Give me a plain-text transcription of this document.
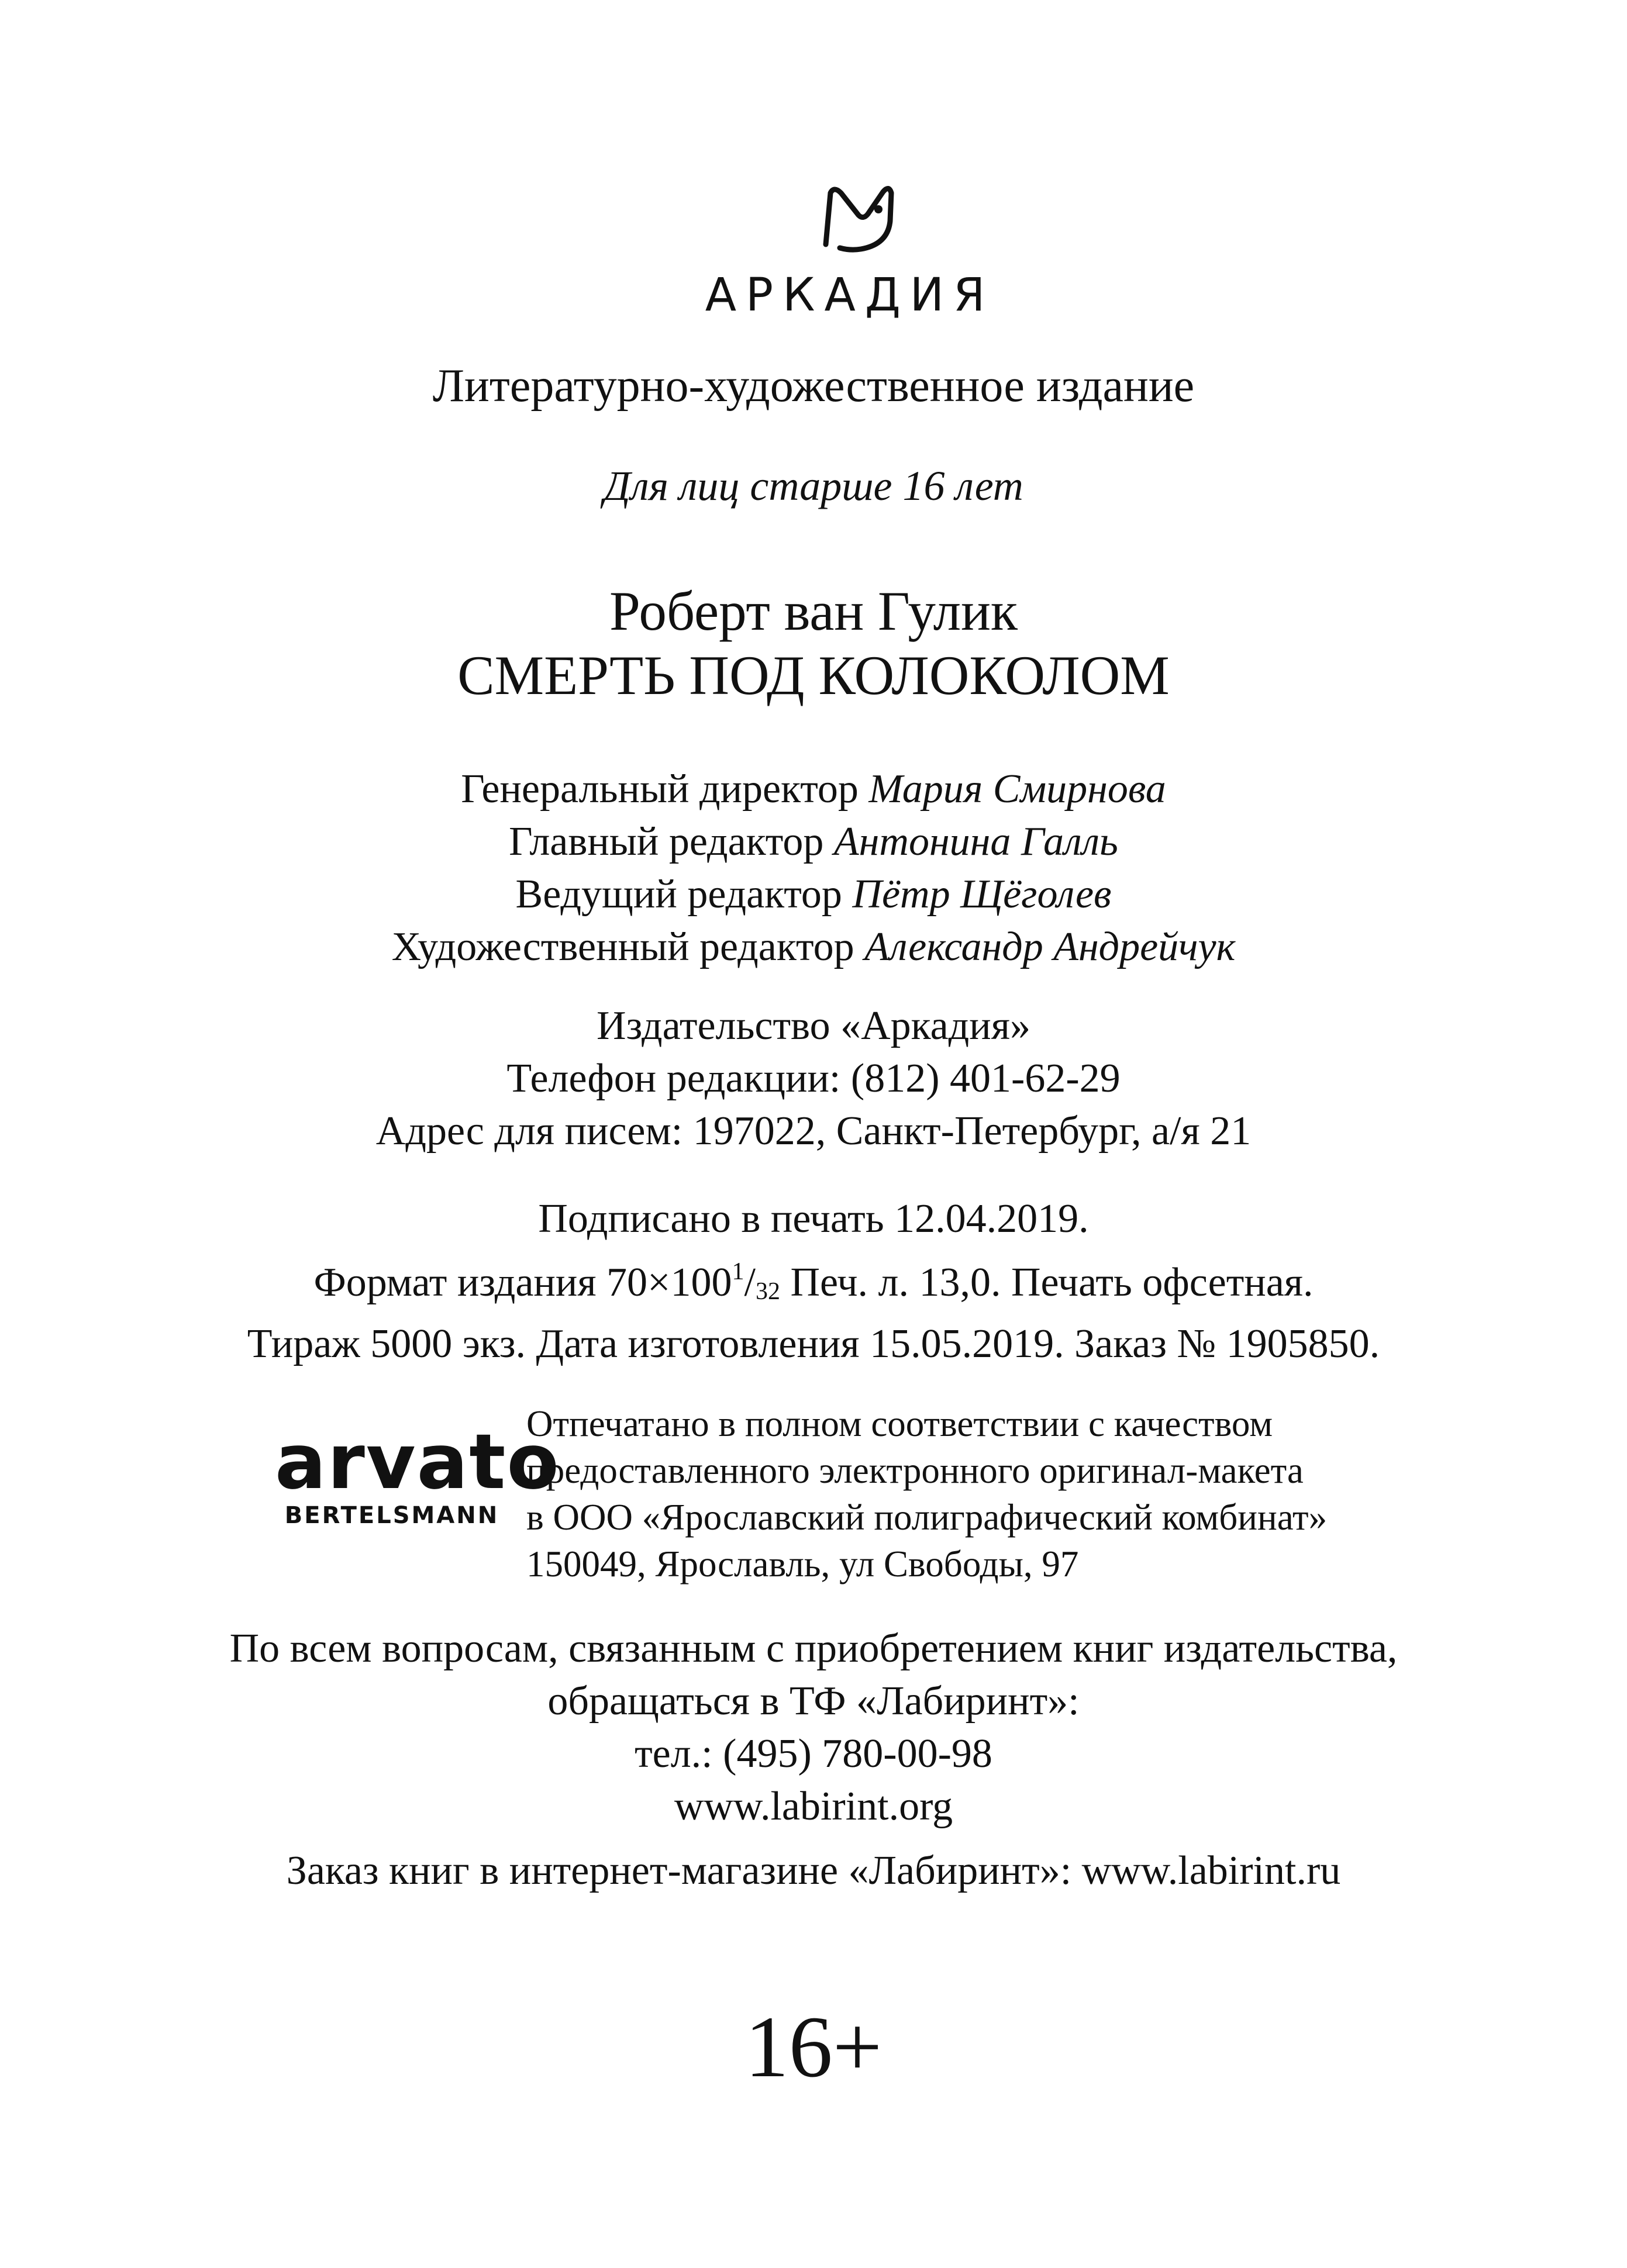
АРКАДИЯ
Литературно-художественное издание
Для лиц старше 16 лет
Роберт ван Гулик
СМЕРТЬ ПОД КОЛОКОЛОМ
Генеральный директор Мария Смирнова
Главный редактор Антонина Галль
Ведущий редактор Пётр Щёголев
Художественный редактор Александр Андрейчук
Издательство «Аркадия»
Телефон редакции: (812) 401-62-29
Адрес для писем: 197022, Санкт-Петербург, а/я 21
Подписано в печать 12.04.2019.
Формат издания $70\times 100^1/_{32}$ Печ. л. 13,0. Печать офсетная.
Тираж 5000 экз. Дата изготовления 15.05.2019. Заказ № 1905850.
arvato
BERTELSMANN
Отпечатано в полном соответствии с качеством
предоставленного электронного оригинал-макета
в ООО «Ярославский полиграфический комбинат»
150049, Ярославль, ул Свободы, 97
По всем вопросам, связанным с приобретением книг издательства,
обращаться в ТФ «Лабиринт»:
тел.: (495) 780-00-98
www.labirint.org
Заказ книг в интернет-магазине «Лабиринт»: www.labirint.ru
16+
